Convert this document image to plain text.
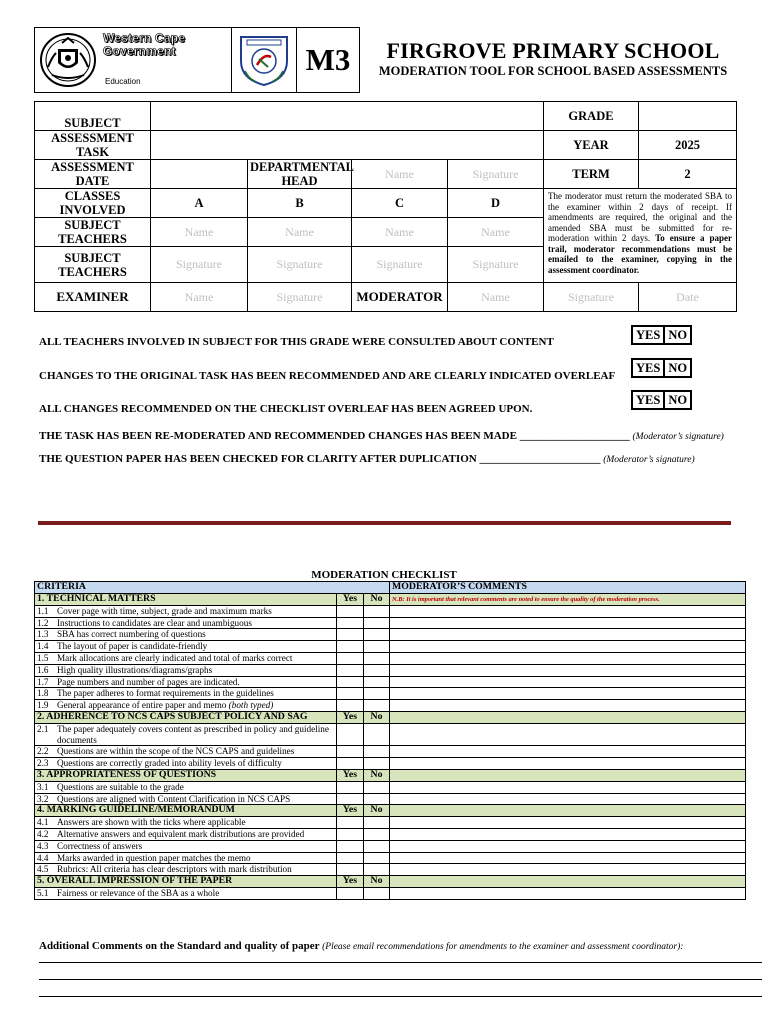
Western Cape
Government
Education
M3	FIRGROVE PRIMARY SCHOOL
MODERATION TOOL FOR SCHOOL BASED ASSESSMENTS
SUBJECT					GRADE	
ASSESSMENT TASK					YEAR	2025
ASSESSMENT DATE		DEPARTMENTAL HEAD	Name	Signature	TERM	2
CLASSES INVOLVED	A	B	C	D	The moderator must return the moderated SBA to the examiner within 2 days of receipt. If amendments are required, the original and the amended SBA must be submitted for re-moderation within 2 days. To ensure a paper trail, moderator recommendations must be emailed to the examiner, copying in the assessment coordinator.	
SUBJECT TEACHERS	Name	Name	Name	Name		
SUBJECT TEACHERS	Signature	Signature	Signature	Signature		
EXAMINER	Name	Signature	MODERATOR	Name	Signature	Date
ALL TEACHERS INVOLVED IN SUBJECT FOR THIS GRADE WERE CONSULTED ABOUT CONTENT	YES NO
CHANGES TO THE ORIGINAL TASK HAS BEEN RECOMMENDED AND ARE CLEARLY INDICATED OVERLEAF
YES NO
ALL CHANGES RECOMMENDED ON THE CHECKLIST OVERLEAF HAS BEEN AGREED UPON.
YES NO
THE TASK HAS BEEN RE-MODERATED AND RECOMMENDED CHANGES HAS BEEN MADE ____________________ (Moderator’s signature)
THE QUESTION PAPER HAS BEEN CHECKED FOR CLARITY AFTER DUPLICATION ______________________ (Moderator’s signature)
MODERATION CHECKLIST
CRITERIA			MODERATOR’S COMMENTS
1. TECHNICAL MATTERS	Yes	No	N.B: It is important that relevant comments are noted to ensure the quality of the moderation process.
1.1 Cover page with time, subject, grade and maximum marks			
1.2 Instructions to candidates are clear and unambiguous			
1.3 SBA has correct numbering of questions			
1.4 The layout of paper is candidate-friendly			
1.5 Mark allocations are clearly indicated and total of marks correct			
1.6 High quality illustrations/diagrams/graphs			
1.7 Page numbers and number of pages are indicated.			
1.8 The paper adheres to format requirements in the guidelines			
1.9 General appearance of entire paper and memo (both typed)			
2. ADHERENCE TO NCS CAPS SUBJECT POLICY AND SAG	Yes	No	
2.1 The paper adequately covers content as prescribed in policy and guideline documents			
2.2 Questions are within the scope of the NCS CAPS and guidelines			
2.3 Questions are correctly graded into ability levels of difficulty			
3. APPROPRIATENESS OF QUESTIONS	Yes	No	
3.1 Questions are suitable to the grade			
3.2 Questions are aligned with Content Clarification in NCS CAPS			
4. MARKING GUIDELINE/MEMORANDUM	Yes	No	
4.1 Answers are shown with the ticks where applicable			
4.2 Alternative answers and equivalent mark distributions are provided			
4.3 Correctness of answers			
4.4 Marks awarded in question paper matches the memo			
4.5 Rubrics: All criteria has clear descriptors with mark distribution			
5. OVERALL IMPRESSION OF THE PAPER	Yes	No	
5.1 Fairness or relevance of the SBA as a whole			
Additional Comments on the Standard and quality of paper (Please email recommendations for amendments to the examiner and assessment coordinator):
